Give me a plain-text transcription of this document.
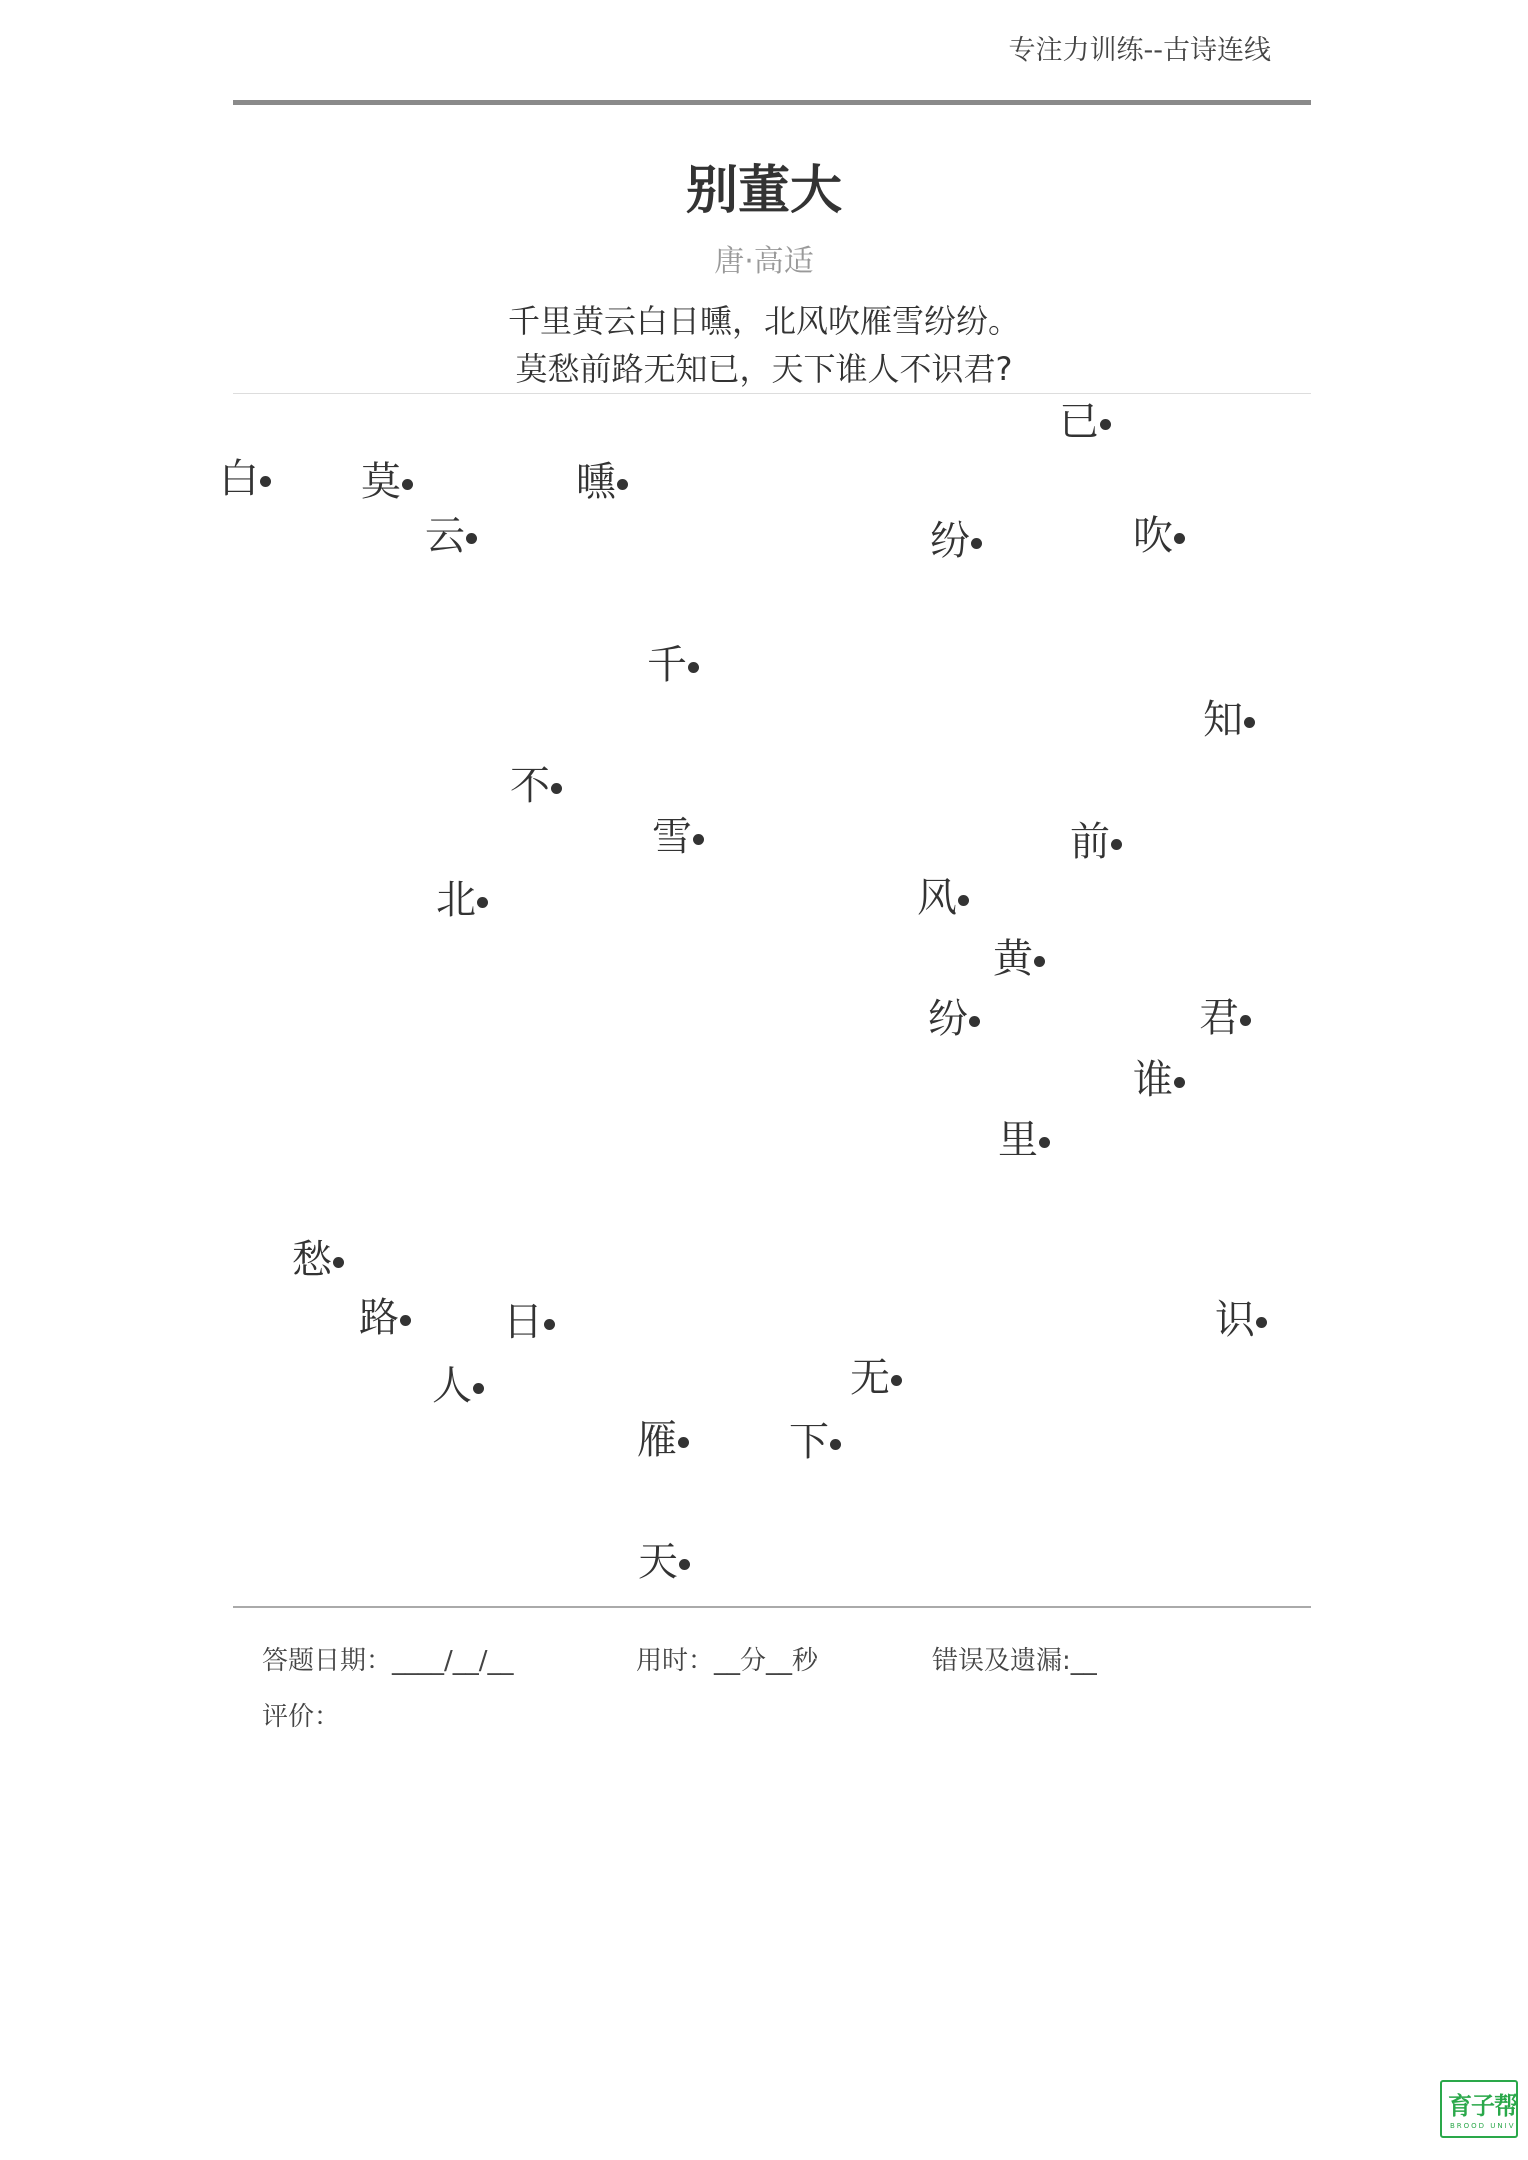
专注力训练--古诗连线
别董大
唐·高适
千里黄云白日曛，北风吹雁雪纷纷。
莫愁前路无知已，天下谁人不识君?
已
白	莫	曛
云	纷	吹
千
知
不
雪	前
北	风
黄
纷	君
谁
里
愁
路	日	识
人	无
雁	下
天
答题日期：____/__/__	用时：__分__秒	错误及遗漏:__
评价：
育子帮
BROOD UNIV
